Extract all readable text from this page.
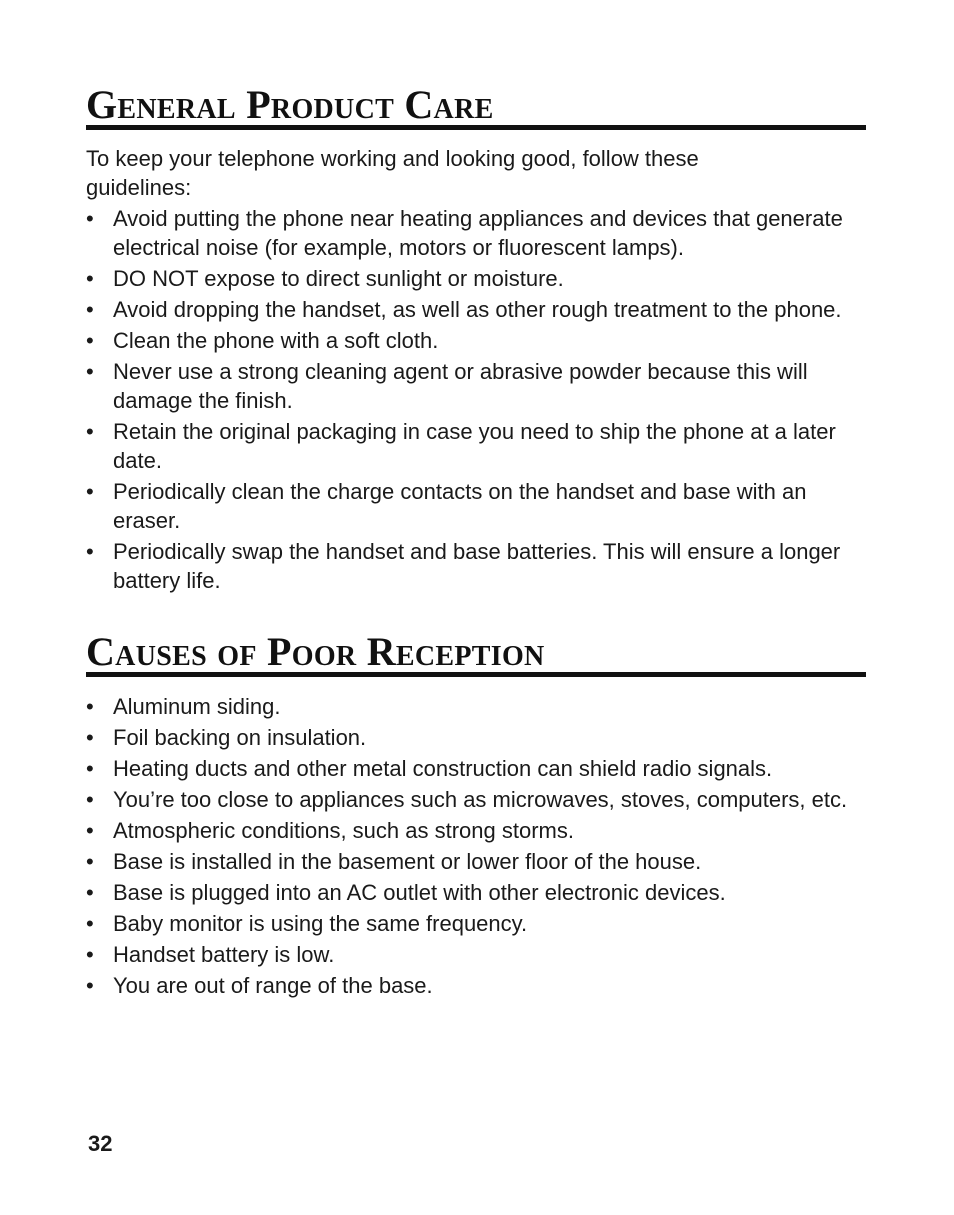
General Product Care

To keep your telephone working and looking good, follow these guidelines:

• Avoid putting the phone near heating appliances and devices that generate electrical noise (for example, motors or fluorescent lamps).
• DO NOT expose to direct sunlight or moisture.
• Avoid dropping the handset, as well as other rough treatment to the phone.
• Clean the phone with a soft cloth.
• Never use a strong cleaning agent or abrasive powder because this will damage the finish.
• Retain the original packaging in case you need to ship the phone at a later date.
• Periodically clean the charge contacts on the handset and base with an eraser.
• Periodically swap the handset and base batteries. This will ensure a longer battery life.
Causes of Poor Reception
• Aluminum siding.
• Foil backing on insulation.
• Heating ducts and other metal construction can shield radio signals.
• You’re too close to appliances such as microwaves, stoves, computers, etc.
• Atmospheric conditions, such as strong storms.
• Base is installed in the basement or lower floor of the house.
• Base is plugged into an AC outlet with other electronic devices.
• Baby monitor is using the same frequency.
• Handset battery is low.
• You are out of range of the base.
32
